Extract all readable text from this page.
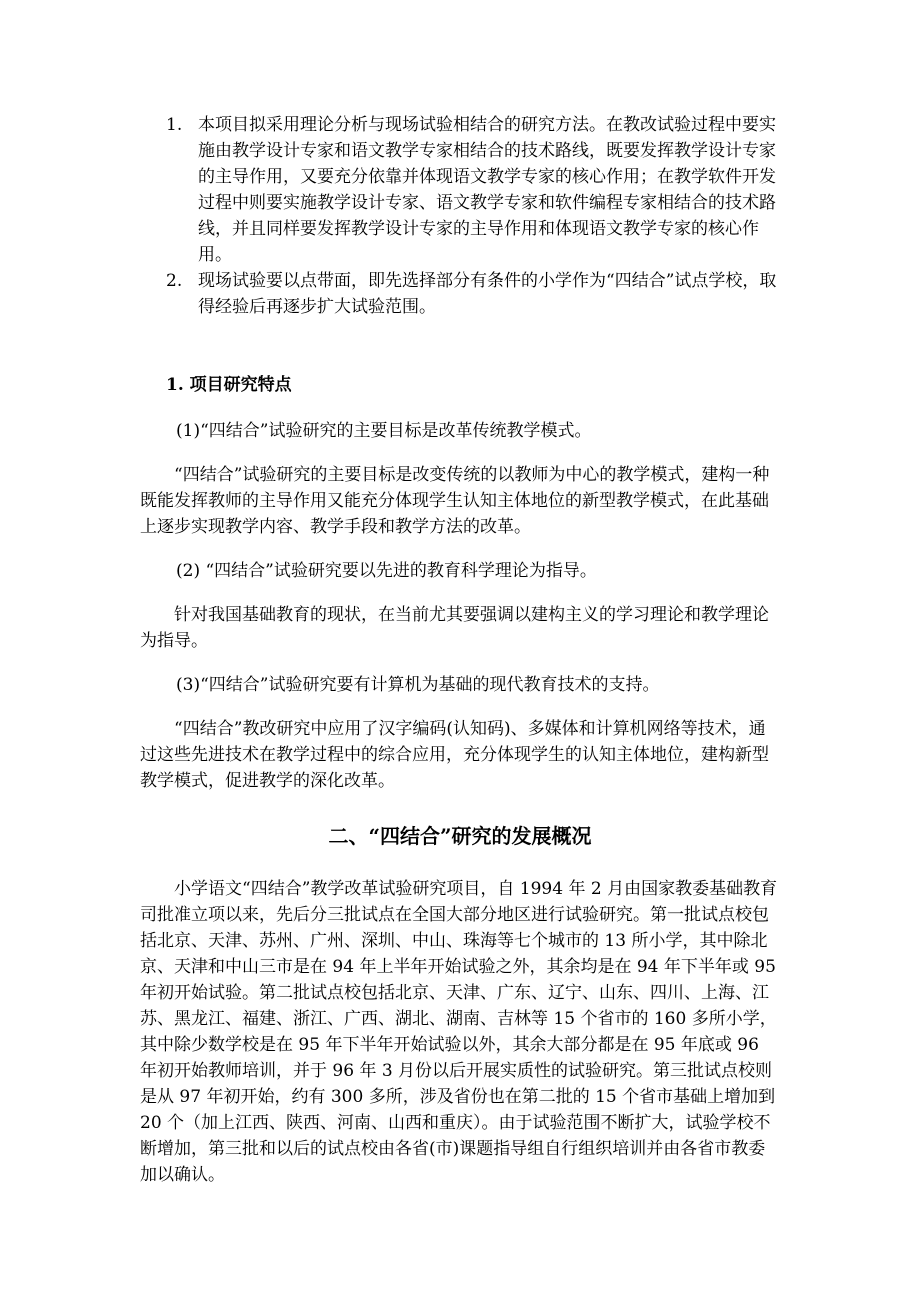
1. 本项目拟采用理论分析与现场试验相结合的研究方法。在教改试验过程中要实施由教学设计专家和语文教学专家相结合的技术路线，既要发挥教学设计专家的主导作用，又要充分依靠并体现语文教学专家的核心作用；在教学软件开发过程中则要实施教学设计专家、语文教学专家和软件编程专家相结合的技术路线，并且同样要发挥教学设计专家的主导作用和体现语文教学专家的核心作用。
2. 现场试验要以点带面，即先选择部分有条件的小学作为“四结合”试点学校，取得经验后再逐步扩大试验范围。

1. 项目研究特点

(1)“四结合”试验研究的主要目标是改革传统教学模式。

“四结合”试验研究的主要目标是改变传统的以教师为中心的教学模式，建构一种既能发挥教师的主导作用又能充分体现学生认知主体地位的新型教学模式，在此基础上逐步实现教学内容、教学手段和教学方法的改革。

(2) “四结合”试验研究要以先进的教育科学理论为指导。

针对我国基础教育的现状，在当前尤其要强调以建构主义的学习理论和教学理论为指导。

(3)“四结合”试验研究要有计算机为基础的现代教育技术的支持。

“四结合”教改研究中应用了汉字编码(认知码)、多媒体和计算机网络等技术，通过这些先进技术在教学过程中的综合应用，充分体现学生的认知主体地位，建构新型教学模式，促进教学的深化改革。

二、“四结合”研究的发展概况

小学语文“四结合”教学改革试验研究项目，自 1994 年 2 月由国家教委基础教育司批准立项以来，先后分三批试点在全国大部分地区进行试验研究。第一批试点校包括北京、天津、苏州、广州、深圳、中山、珠海等七个城市的 13 所小学，其中除北京、天津和中山三市是在 94 年上半年开始试验之外，其余均是在 94 年下半年或 95 年初开始试验。第二批试点校包括北京、天津、广东、辽宁、山东、四川、上海、江苏、黑龙江、福建、浙江、广西、湖北、湖南、吉林等 15 个省市的 160 多所小学，其中除少数学校是在 95 年下半年开始试验以外，其余大部分都是在 95 年底或 96 年初开始教师培训，并于 96 年 3 月份以后开展实质性的试验研究。第三批试点校则是从 97 年初开始，约有 300 多所，涉及省份也在第二批的 15 个省市基础上增加到 20 个（加上江西、陕西、河南、山西和重庆）。由于试验范围不断扩大，试验学校不断增加，第三批和以后的试点校由各省(市)课题指导组自行组织培训并由各省市教委加以确认。
